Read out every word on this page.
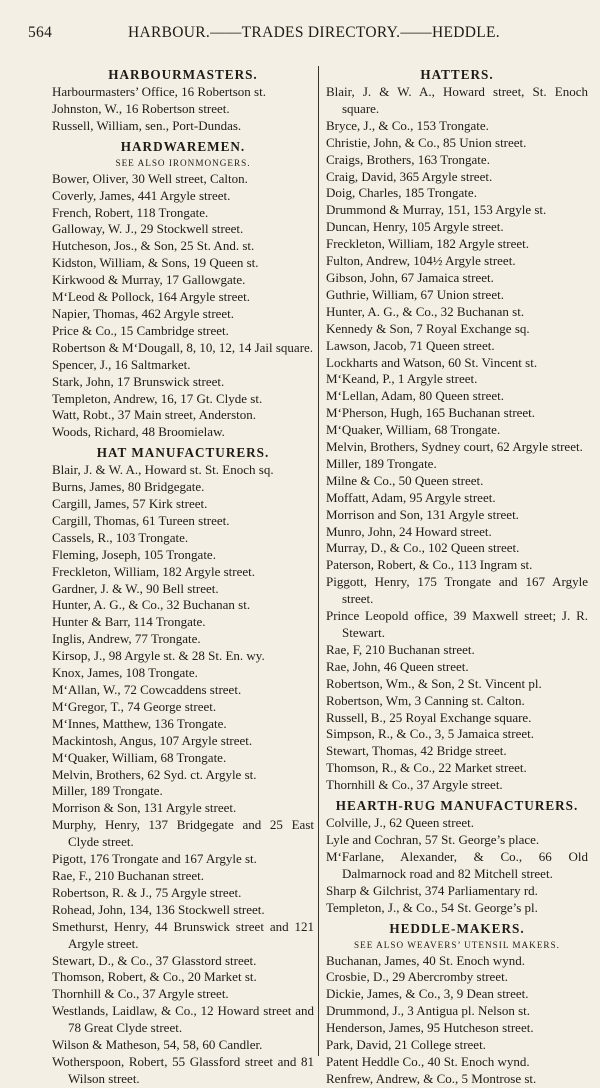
564	HARBOUR.——TRADES DIRECTORY.——HEDDLE.
HARBOURMASTERS.
Harbourmasters’ Office, 16 Robertson st.
Johnston, W., 16 Robertson street.
Russell, William, sen., Port-Dundas.
HARDWAREMEN.
SEE ALSO IRONMONGERS.
Bower, Oliver, 30 Well street, Calton.
Coverly, James, 441 Argyle street.
French, Robert, 118 Trongate.
Galloway, W. J., 29 Stockwell street.
Hutcheson, Jos., & Son, 25 St. And. st.
Kidston, William, & Sons, 19 Queen st.
Kirkwood & Murray, 17 Gallowgate.
M‘Leod & Pollock, 164 Argyle street.
Napier, Thomas, 462 Argyle street.
Price & Co., 15 Cambridge street.
Robertson & M‘Dougall, 8, 10, 12, 14 Jail square.
Spencer, J., 16 Saltmarket.
Stark, John, 17 Brunswick street.
Templeton, Andrew, 16, 17 Gt. Clyde st.
Watt, Robt., 37 Main street, Anderston.
Woods, Richard, 48 Broomielaw.
HAT MANUFACTURERS.
Blair, J. & W. A., Howard st. St. Enoch sq.
Burns, James, 80 Bridgegate.
Cargill, James, 57 Kirk street.
Cargill, Thomas, 61 Tureen street.
Cassels, R., 103 Trongate.
Fleming, Joseph, 105 Trongate.
Freckleton, William, 182 Argyle street.
Gardner, J. & W., 90 Bell street.
Hunter, A. G., & Co., 32 Buchanan st.
Hunter & Barr, 114 Trongate.
Inglis, Andrew, 77 Trongate.
Kirsop, J., 98 Argyle st. & 28 St. En. wy.
Knox, James, 108 Trongate.
M‘Allan, W., 72 Cowcaddens street.
M‘Gregor, T., 74 George street.
M‘Innes, Matthew, 136 Trongate.
Mackintosh, Angus, 107 Argyle street.
M‘Quaker, William, 68 Trongate.
Melvin, Brothers, 62 Syd. ct. Argyle st.
Miller, 189 Trongate.
Morrison & Son, 131 Argyle street.
Murphy, Henry, 137 Bridgegate and 25 East Clyde street.
Pigott, 176 Trongate and 167 Argyle st.
Rae, F., 210 Buchanan street.
Robertson, R. & J., 75 Argyle street.
Rohead, John, 134, 136 Stockwell street.
Smethurst, Henry, 44 Brunswick street and 121 Argyle street.
Stewart, D., & Co., 37 Glasstord street.
Thomson, Robert, & Co., 20 Market st.
Thornhill & Co., 37 Argyle street.
Westlands, Laidlaw, & Co., 12 Howard street and 78 Great Clyde street.
Wilson & Matheson, 54, 58, 60 Candler.
Wotherspoon, Robert, 55 Glassford street and 81 Wilson street.
HATTERS.
Blair, J. & W. A., Howard street, St. Enoch square.
Bryce, J., & Co., 153 Trongate.
Christie, John, & Co., 85 Union street.
Craigs, Brothers, 163 Trongate.
Craig, David, 365 Argyle street.
Doig, Charles, 185 Trongate.
Drummond & Murray, 151, 153 Argyle st.
Duncan, Henry, 105 Argyle street.
Freckleton, William, 182 Argyle street.
Fulton, Andrew, 104½ Argyle street.
Gibson, John, 67 Jamaica street.
Guthrie, William, 67 Union street.
Hunter, A. G., & Co., 32 Buchanan st.
Kennedy & Son, 7 Royal Exchange sq.
Lawson, Jacob, 71 Queen street.
Lockharts and Watson, 60 St. Vincent st.
M‘Keand, P., 1 Argyle street.
M‘Lellan, Adam, 80 Queen street.
M‘Pherson, Hugh, 165 Buchanan street.
M‘Quaker, William, 68 Trongate.
Melvin, Brothers, Sydney court, 62 Argyle street.
Miller, 189 Trongate.
Milne & Co., 50 Queen street.
Moffatt, Adam, 95 Argyle street.
Morrison and Son, 131 Argyle street.
Munro, John, 24 Howard street.
Murray, D., & Co., 102 Queen street.
Paterson, Robert, & Co., 113 Ingram st.
Piggott, Henry, 175 Trongate and 167 Argyle street.
Prince Leopold office, 39 Maxwell street; J. R. Stewart.
Rae, F, 210 Buchanan street.
Rae, John, 46 Queen street.
Robertson, Wm., & Son, 2 St. Vincent pl.
Robertson, Wm, 3 Canning st. Calton.
Russell, B., 25 Royal Exchange square.
Simpson, R., & Co., 3, 5 Jamaica street.
Stewart, Thomas, 42 Bridge street.
Thomson, R., & Co., 22 Market street.
Thornhill & Co., 37 Argyle street.
HEARTH-RUG MANUFACTURERS.
Colville, J., 62 Queen street.
Lyle and Cochran, 57 St. George’s place.
M‘Farlane, Alexander, & Co., 66 Old Dalmarnock road and 82 Mitchell street.
Sharp & Gilchrist, 374 Parliamentary rd.
Templeton, J., & Co., 54 St. George’s pl.
HEDDLE-MAKERS.
SEE ALSO WEAVERS’ UTENSIL MAKERS.
Buchanan, James, 40 St. Enoch wynd.
Crosbie, D., 29 Abercromby street.
Dickie, James, & Co., 3, 9 Dean street.
Drummond, J., 3 Antigua pl. Nelson st.
Henderson, James, 95 Hutcheson street.
Park, David, 21 College street.
Patent Heddle Co., 40 St. Enoch wynd.
Renfrew, Andrew, & Co., 5 Montrose st.
